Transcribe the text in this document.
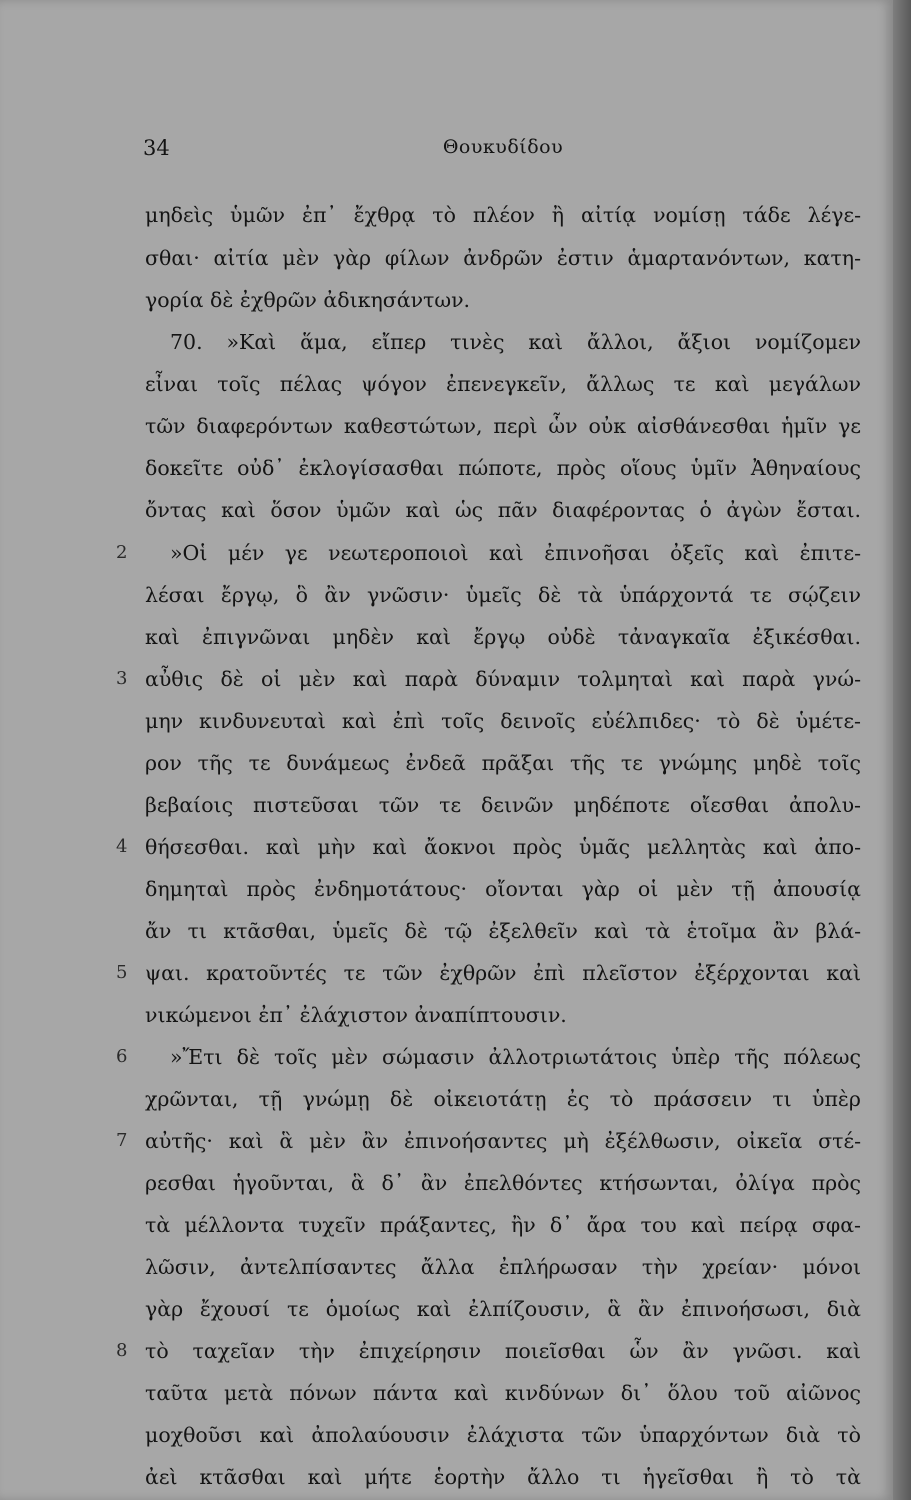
34	Θουκυδίδου
μηδεὶς ὑμῶν ἐπ᾽ ἔχθρᾳ τὸ πλέον ἢ αἰτίᾳ νομίσῃ τάδε λέγε-
σθαι· αἰτία μὲν γὰρ φίλων ἀνδρῶν ἐστιν ἁμαρτανόντων, κατη-
γορία δὲ ἐχθρῶν ἀδικησάντων.
70. »Καὶ ἅμα, εἴπερ τινὲς καὶ ἄλλοι, ἄξιοι νομίζομεν
εἶναι τοῖς πέλας ψόγον ἐπενεγκεῖν, ἄλλως τε καὶ μεγάλων
τῶν διαφερόντων καθεστώτων, περὶ ὧν οὐκ αἰσθάνεσθαι ἡμῖν γε
δοκεῖτε οὐδ᾽ ἐκλογίσασθαι πώποτε, πρὸς οἵους ὑμῖν Ἀθηναίους
ὄντας καὶ ὅσον ὑμῶν καὶ ὡς πᾶν διαφέροντας ὁ ἀγὼν ἔσται.
2 »Οἱ μέν γε νεωτεροποιοὶ καὶ ἐπινοῆσαι ὀξεῖς καὶ ἐπιτε-
λέσαι ἔργῳ, ὃ ἂν γνῶσιν· ὑμεῖς δὲ τὰ ὑπάρχοντά τε σῴζειν
καὶ ἐπιγνῶναι μηδὲν καὶ ἔργῳ οὐδὲ τἀναγκαῖα ἐξικέσθαι.
3 αὖθις δὲ οἱ μὲν καὶ παρὰ δύναμιν τολμηταὶ καὶ παρὰ γνώ-
μην κινδυνευταὶ καὶ ἐπὶ τοῖς δεινοῖς εὐέλπιδες· τὸ δὲ ὑμέτε-
ρον τῆς τε δυνάμεως ἐνδεᾶ πρᾶξαι τῆς τε γνώμης μηδὲ τοῖς
βεβαίοις πιστεῦσαι τῶν τε δεινῶν μηδέποτε οἴεσθαι ἀπολυ-
4 θήσεσθαι. καὶ μὴν καὶ ἄοκνοι πρὸς ὑμᾶς μελλητὰς καὶ ἀπο-
δημηταὶ πρὸς ἐνδημοτάτους· οἴονται γὰρ οἱ μὲν τῇ ἀπουσίᾳ
ἄν τι κτᾶσθαι, ὑμεῖς δὲ τῷ ἐξελθεῖν καὶ τὰ ἑτοῖμα ἂν βλά-
5 ψαι. κρατοῦντές τε τῶν ἐχθρῶν ἐπὶ πλεῖστον ἐξέρχονται καὶ
νικώμενοι ἐπ᾽ ἐλάχιστον ἀναπίπτουσιν.
6 »Ἔτι δὲ τοῖς μὲν σώμασιν ἀλλοτριωτάτοις ὑπὲρ τῆς πόλεως
χρῶνται, τῇ γνώμῃ δὲ οἰκειοτάτῃ ἐς τὸ πράσσειν τι ὑπὲρ
7 αὐτῆς· καὶ ἃ μὲν ἂν ἐπινοήσαντες μὴ ἐξέλθωσιν, οἰκεῖα στέ-
ρεσθαι ἡγοῦνται, ἃ δ᾽ ἂν ἐπελθόντες κτήσωνται, ὀλίγα πρὸς
τὰ μέλλοντα τυχεῖν πράξαντες, ἢν δ᾽ ἄρα του καὶ πείρᾳ σφα-
λῶσιν, ἀντελπίσαντες ἄλλα ἐπλήρωσαν τὴν χρείαν· μόνοι
γὰρ ἔχουσί τε ὁμοίως καὶ ἐλπίζουσιν, ἃ ἂν ἐπινοήσωσι, διὰ
8 τὸ ταχεῖαν τὴν ἐπιχείρησιν ποιεῖσθαι ὧν ἂν γνῶσι. καὶ
ταῦτα μετὰ πόνων πάντα καὶ κινδύνων δι᾽ ὅλου τοῦ αἰῶνος
μοχθοῦσι καὶ ἀπολαύουσιν ἐλάχιστα τῶν ὑπαρχόντων διὰ τὸ
ἀεὶ κτᾶσθαι καὶ μήτε ἑορτὴν ἄλλο τι ἡγεῖσθαι ἢ τὸ τὰ
